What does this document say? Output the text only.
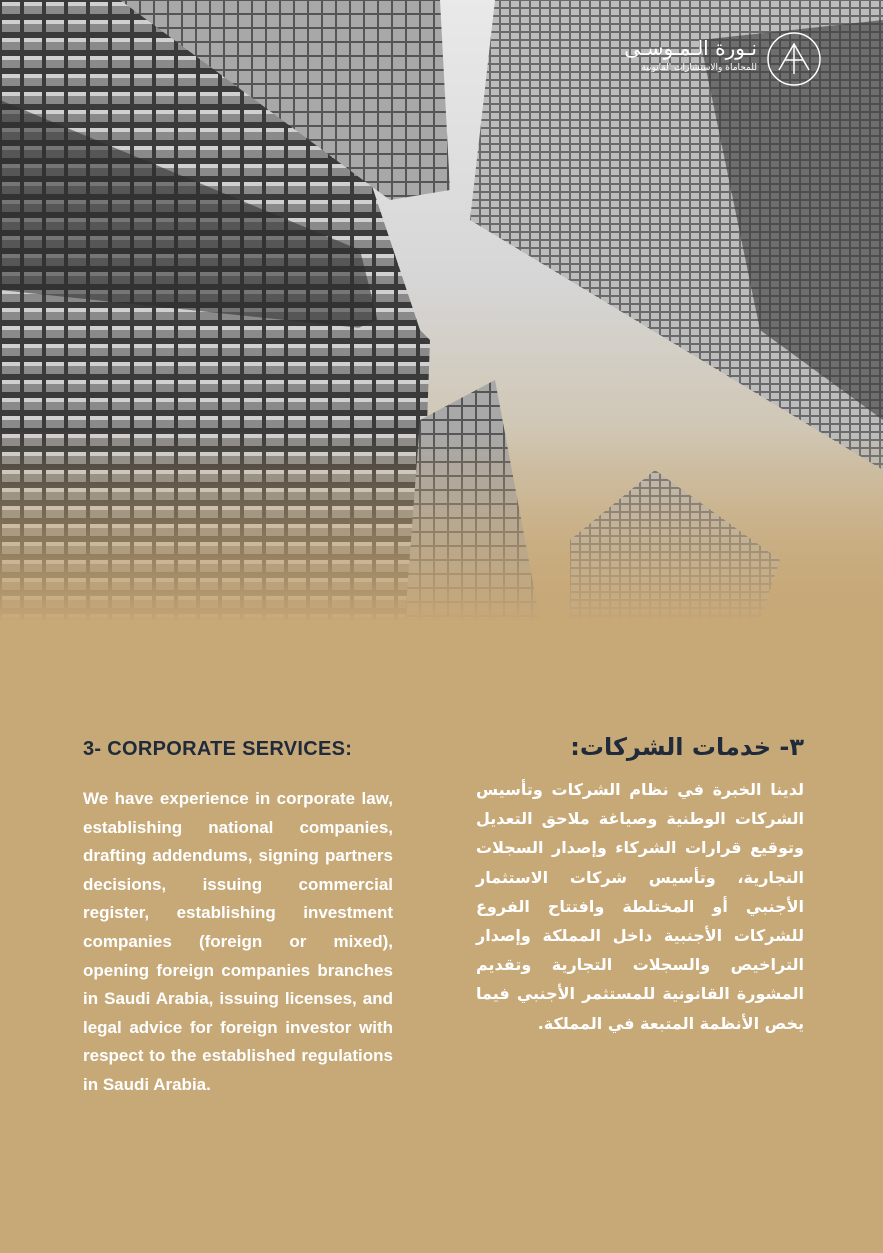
نـورة الـمـوسـى
للمحاماة والاستشارات القانونية
3- CORPORATE SERVICES:

We have experience in corporate law, establishing national companies, drafting addendums, signing partners decisions, issuing commercial register, establishing investment companies (foreign or mixed), opening foreign companies branches in Saudi Arabia, issuing licenses, and legal advice for foreign investor with respect to the established regulations in Saudi Arabia.

٣- خدمات الشركات:

لدينا الخبرة في نظام الشركات وتأسيس الشركات الوطنية وصياغة ملاحق التعديل وتوقيع قرارات الشركاء وإصدار السجلات التجارية، وتأسيس شركات الاستثمار الأجنبي أو المختلطة وافتتاح الفروع للشركات الأجنبية داخل المملكة وإصدار التراخيص والسجلات التجارية وتقديم المشورة القانونية للمستثمر الأجنبي فيما يخص الأنظمة المتبعة في المملكة.
